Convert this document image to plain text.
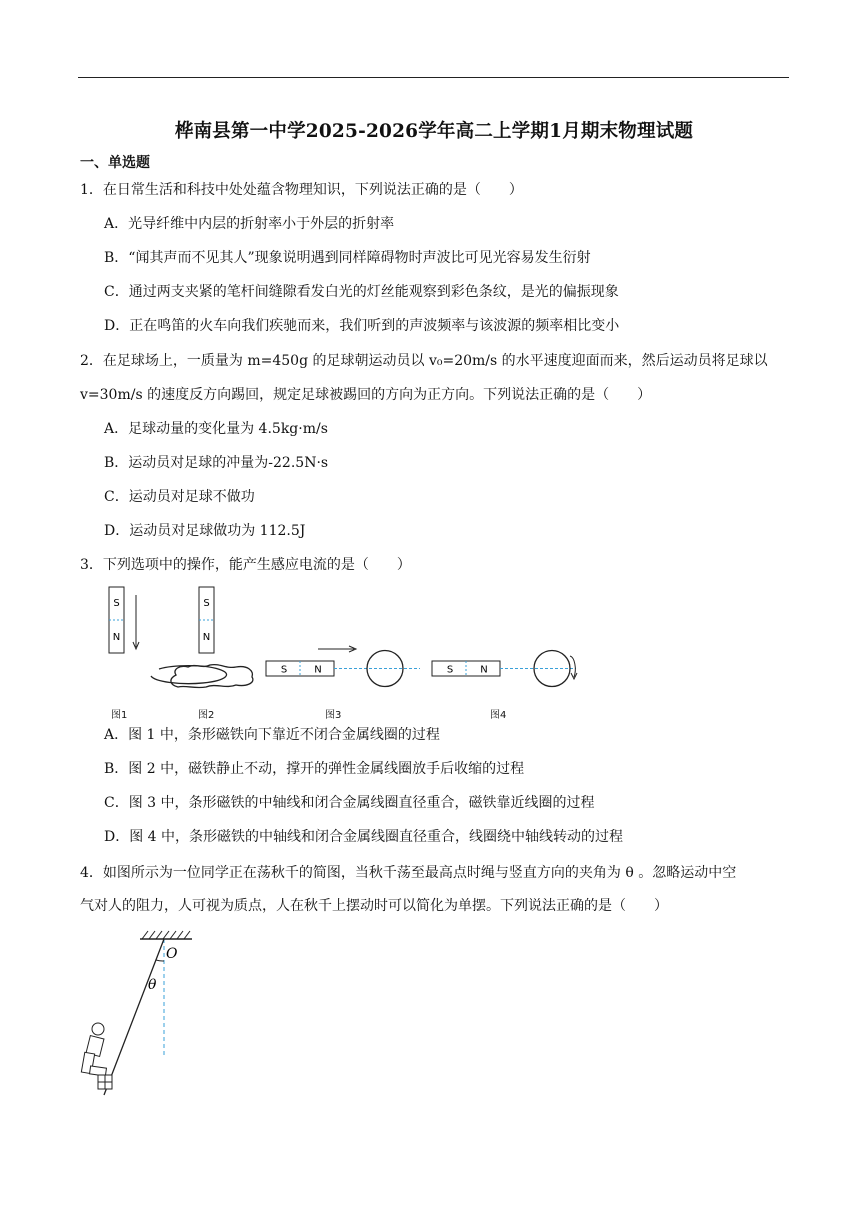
桦南县第一中学2025-2026学年高二上学期1月期末物理试题
一、单选题
1．在日常生活和科技中处处蕴含物理知识，下列说法正确的是（　　）
A．光导纤维中内层的折射率小于外层的折射率
B．“闻其声而不见其人”现象说明遇到同样障碍物时声波比可见光容易发生衍射
C．通过两支夹紧的笔杆间缝隙看发白光的灯丝能观察到彩色条纹，是光的偏振现象
D．正在鸣笛的火车向我们疾驰而来，我们听到的声波频率与该波源的频率相比变小
2．在足球场上，一质量为 m=450g 的足球朝运动员以 v₀=20m/s 的水平速度迎面而来，然后运动员将足球以
v=30m/s 的速度反方向踢回，规定足球被踢回的方向为正方向。下列说法正确的是（　　）
A．足球动量的变化量为 4.5kg·m/s
B．运动员对足球的冲量为-22.5N·s
C．运动员对足球不做功
D．运动员对足球做功为 112.5J
3．下列选项中的操作，能产生感应电流的是（　　）
S
N
S
N
S	N	S	N
图1	图2	图3	图4
A．图 1 中，条形磁铁向下靠近不闭合金属线圈的过程
B．图 2 中，磁铁静止不动，撑开的弹性金属线圈放手后收缩的过程
C．图 3 中，条形磁铁的中轴线和闭合金属线圈直径重合，磁铁靠近线圈的过程
D．图 4 中，条形磁铁的中轴线和闭合金属线圈直径重合，线圈绕中轴线转动的过程
4．如图所示为一位同学正在荡秋千的简图，当秋千荡至最高点时绳与竖直方向的夹角为 θ 。忽略运动中空
气对人的阻力，人可视为质点，人在秋千上摆动时可以简化为单摆。下列说法正确的是（　　）
O
θ
